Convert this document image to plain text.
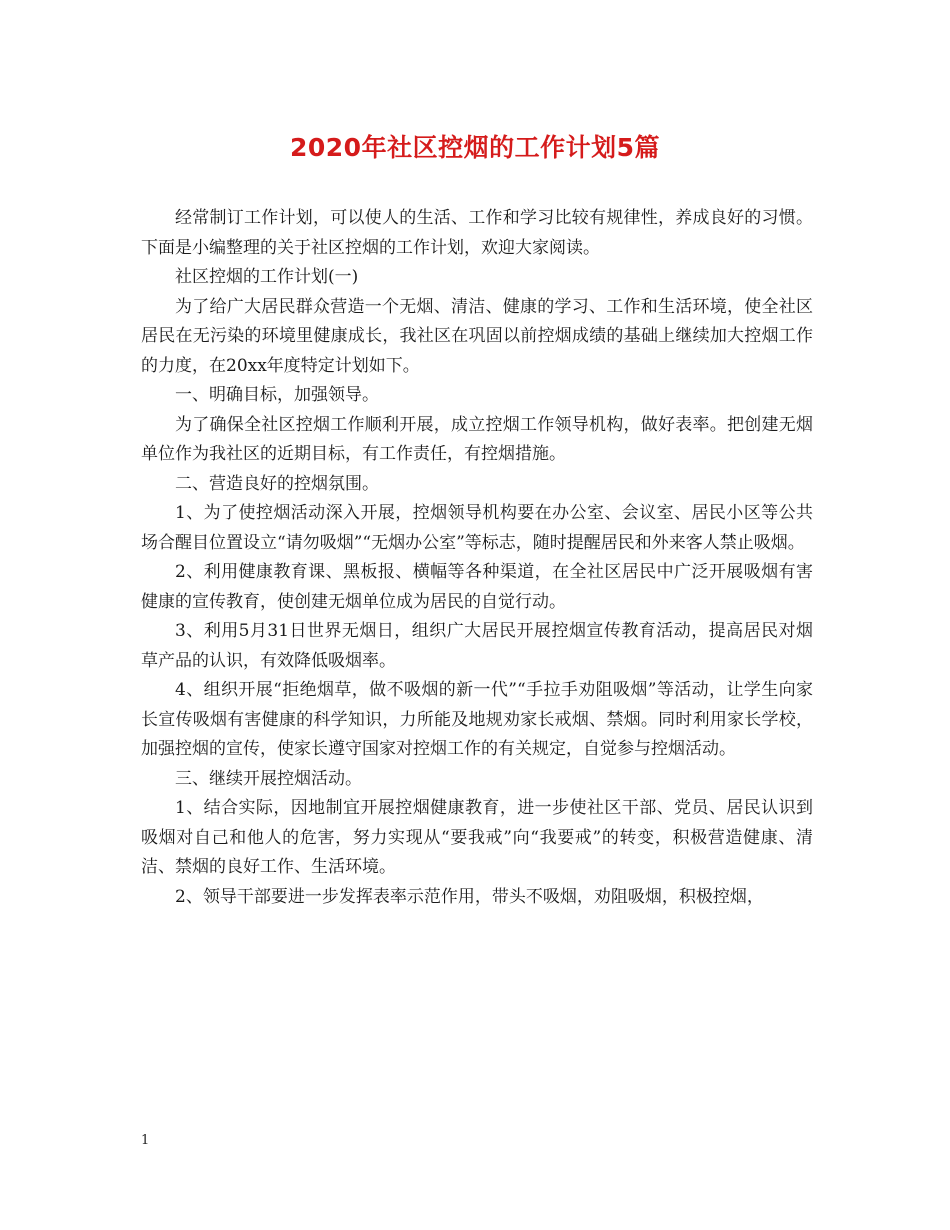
2020年社区控烟的工作计划5篇

经常制订工作计划，可以使人的生活、工作和学习比较有规律性，养成良好的习惯。下面是小编整理的关于社区控烟的工作计划，欢迎大家阅读。

社区控烟的工作计划(一)

为了给广大居民群众营造一个无烟、清洁、健康的学习、工作和生活环境，使全社区居民在无污染的环境里健康成长，我社区在巩固以前控烟成绩的基础上继续加大控烟工作的力度，在20xx年度特定计划如下。

一、明确目标，加强领导。

为了确保全社区控烟工作顺利开展，成立控烟工作领导机构，做好表率。把创建无烟单位作为我社区的近期目标，有工作责任，有控烟措施。

二、营造良好的控烟氛围。

1、为了使控烟活动深入开展，控烟领导机构要在办公室、会议室、居民小区等公共场合醒目位置设立“请勿吸烟”“无烟办公室”等标志，随时提醒居民和外来客人禁止吸烟。

2、利用健康教育课、黑板报、横幅等各种渠道，在全社区居民中广泛开展吸烟有害健康的宣传教育，使创建无烟单位成为居民的自觉行动。

3、利用5月31日世界无烟日，组织广大居民开展控烟宣传教育活动，提高居民对烟草产品的认识，有效降低吸烟率。

4、组织开展“拒绝烟草，做不吸烟的新一代”“手拉手劝阻吸烟”等活动，让学生向家长宣传吸烟有害健康的科学知识，力所能及地规劝家长戒烟、禁烟。同时利用家长学校，加强控烟的宣传，使家长遵守国家对控烟工作的有关规定，自觉参与控烟活动。

三、继续开展控烟活动。

1、结合实际，因地制宜开展控烟健康教育，进一步使社区干部、党员、居民认识到吸烟对自己和他人的危害，努力实现从“要我戒”向“我要戒”的转变，积极营造健康、清洁、禁烟的良好工作、生活环境。

2、领导干部要进一步发挥表率示范作用，带头不吸烟，劝阻吸烟，积极控烟，

1
